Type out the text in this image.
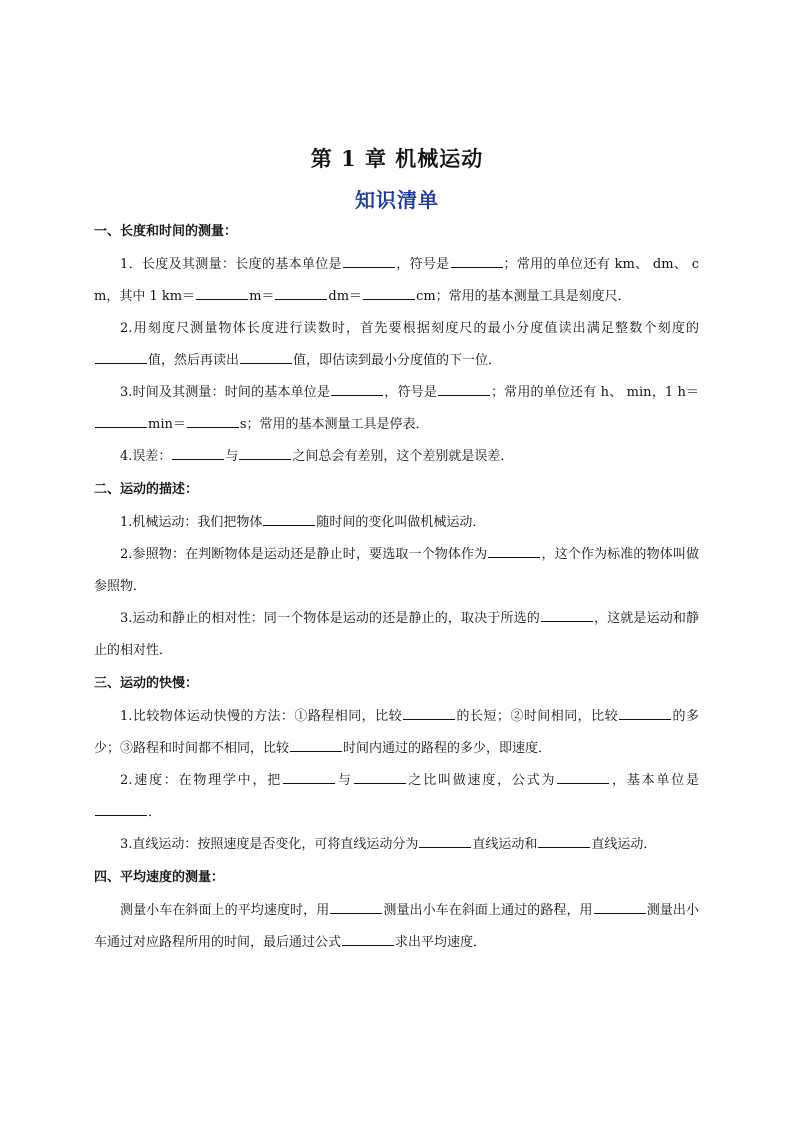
第 1 章 机械运动
知识清单
一、长度和时间的测量：

1．长度及其测量：长度的基本单位是	，符号是	；常用的单位还有 km、 dm、 cm，其中 1 km＝	m＝	dm＝	cm；常用的基本测量工具是刻度尺．

2.用刻度尺测量物体长度进行读数时，首先要根据刻度尺的最小分度值读出满足整数个刻度的值，然后再读出	值，即估读到最小分度值的下一位．

3.时间及其测量：时间的基本单位是	，符号是	；常用的单位还有 h、 min，1 h＝min＝	s；常用的基本测量工具是停表．

4.误差：	与	之间总会有差别，这个差别就是误差．

二、运动的描述：

1.机械运动：我们把物体	随时间的变化叫做机械运动．

2.参照物：在判断物体是运动还是静止时，要选取一个物体作为	，这个作为标准的物体叫做参照物．

3.运动和静止的相对性：同一个物体是运动的还是静止的，取决于所选的	，这就是运动和静止的相对性．

三、运动的快慢：

1.比较物体运动快慢的方法：①路程相同，比较	的长短；②时间相同，比较	的多少；③路程和时间都不相同，比较	时间内通过的路程的多少，即速度．

2.速度：在物理学中，把	与	之比叫做速度，公式为	，基本单位是．

3.直线运动：按照速度是否变化，可将直线运动分为	直线运动和	直线运动．

四、平均速度的测量：

测量小车在斜面上的平均速度时，用	测量出小车在斜面上通过的路程，用	测量出小车通过对应路程所用的时间，最后通过公式	求出平均速度．
